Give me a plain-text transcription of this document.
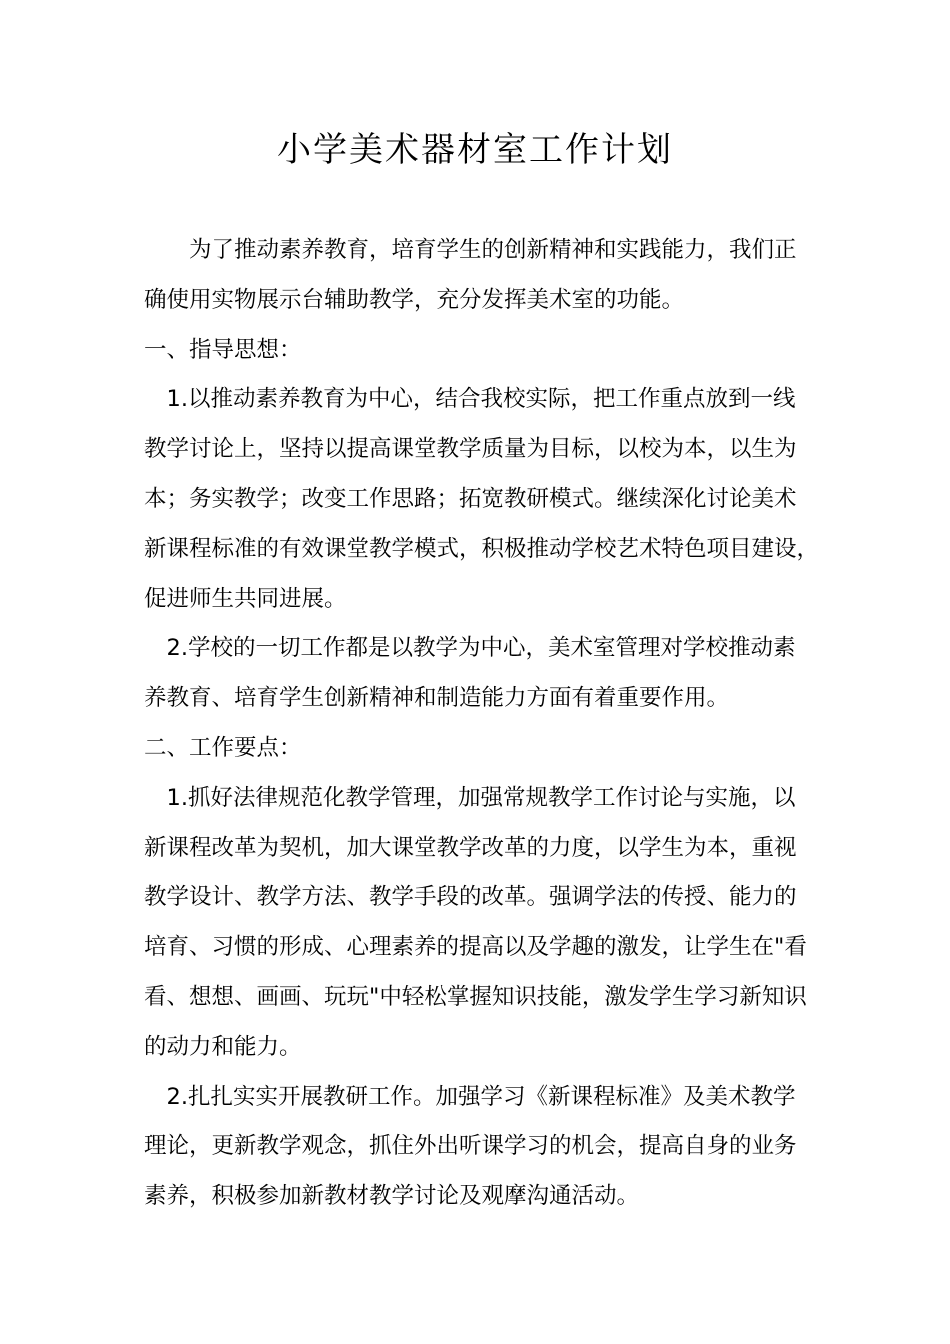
小学美术器材室工作计划
　　为了推动素养教育，培育学生的创新精神和实践能力，我们正
确使用实物展示台辅助教学，充分发挥美术室的功能。
一、指导思想：
　1.以推动素养教育为中心，结合我校实际，把工作重点放到一线
教学讨论上，坚持以提高课堂教学质量为目标，以校为本，以生为
本；务实教学；改变工作思路；拓宽教研模式。继续深化讨论美术
新课程标准的有效课堂教学模式，积极推动学校艺术特色项目建设，
促进师生共同进展。
　2.学校的一切工作都是以教学为中心，美术室管理对学校推动素
养教育、培育学生创新精神和制造能力方面有着重要作用。
二、工作要点：
　1.抓好法律规范化教学管理，加强常规教学工作讨论与实施，以
新课程改革为契机，加大课堂教学改革的力度，以学生为本，重视
教学设计、教学方法、教学手段的改革。强调学法的传授、能力的
培育、习惯的形成、心理素养的提高以及学趣的激发，让学生在"看
看、想想、画画、玩玩"中轻松掌握知识技能，激发学生学习新知识
的动力和能力。
　2.扎扎实实开展教研工作。加强学习《新课程标准》及美术教学
理论，更新教学观念，抓住外出听课学习的机会，提高自身的业务
素养，积极参加新教材教学讨论及观摩沟通活动。
